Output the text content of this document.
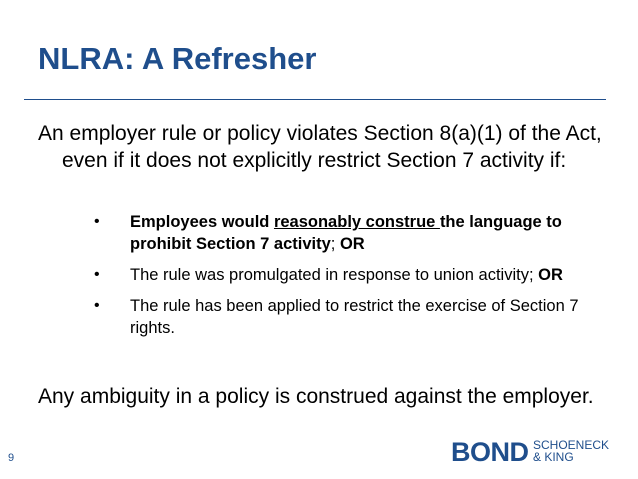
NLRA: A Refresher
An employer rule or policy violates Section 8(a)(1) of the Act, even if it does not explicitly restrict Section 7 activity if:
• Employees would reasonably construe the language to prohibit Section 7 activity; OR
• The rule was promulgated in response to union activity; OR
• The rule has been applied to restrict the exercise of Section 7 rights.
Any ambiguity in a policy is construed against the employer.
9	BOND SCHOENECK
& KING
